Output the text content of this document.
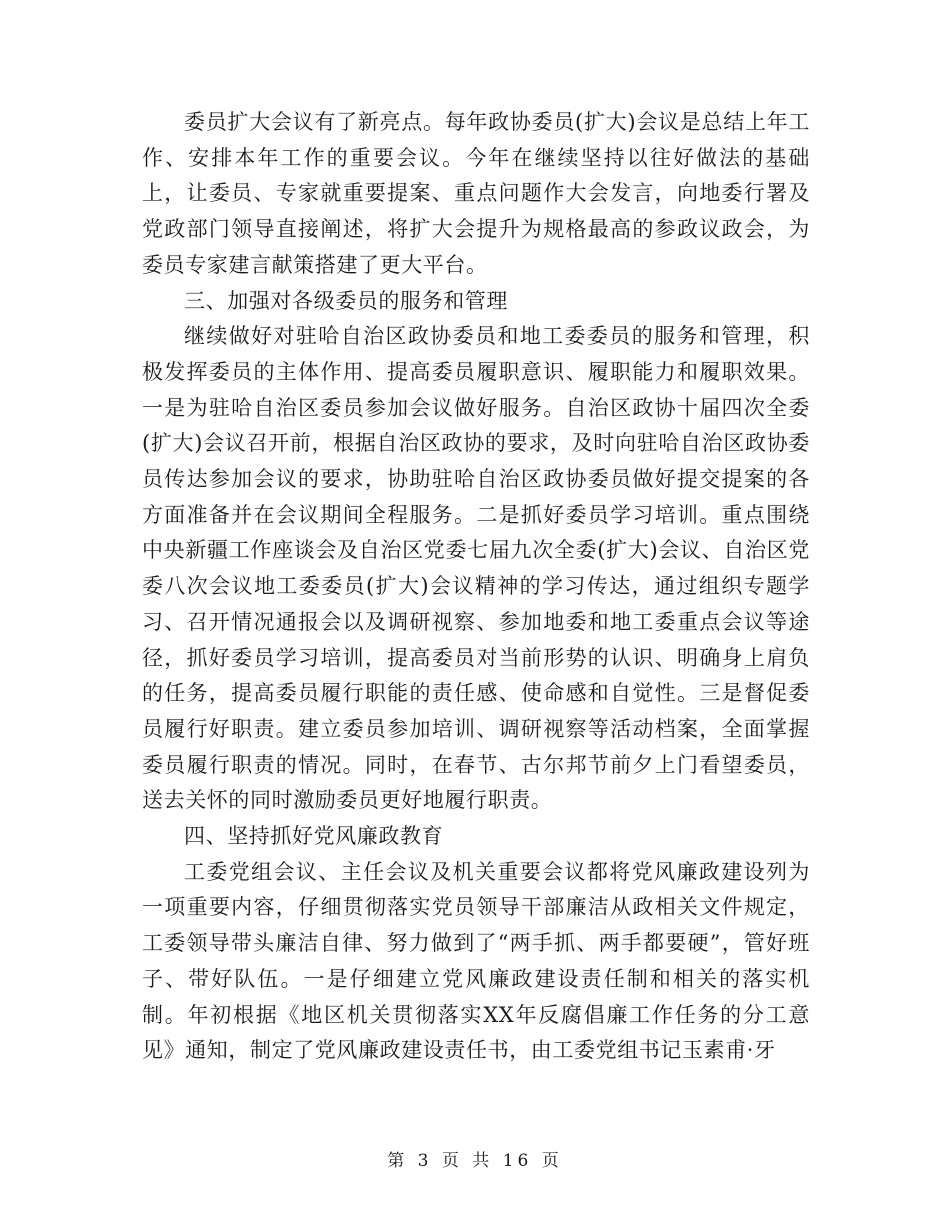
委员扩大会议有了新亮点。每年政协委员(扩大)会议是总结上年工作、安排本年工作的重要会议。今年在继续坚持以往好做法的基础上，让委员、专家就重要提案、重点问题作大会发言，向地委行署及党政部门领导直接阐述，将扩大会提升为规格最高的参政议政会，为委员专家建言献策搭建了更大平台。

三、加强对各级委员的服务和管理

继续做好对驻哈自治区政协委员和地工委委员的服务和管理，积极发挥委员的主体作用、提高委员履职意识、履职能力和履职效果。一是为驻哈自治区委员参加会议做好服务。自治区政协十届四次全委(扩大)会议召开前，根据自治区政协的要求，及时向驻哈自治区政协委员传达参加会议的要求，协助驻哈自治区政协委员做好提交提案的各方面准备并在会议期间全程服务。二是抓好委员学习培训。重点围绕中央新疆工作座谈会及自治区党委七届九次全委(扩大)会议、自治区党委八次会议地工委委员(扩大)会议精神的学习传达，通过组织专题学习、召开情况通报会以及调研视察、参加地委和地工委重点会议等途径，抓好委员学习培训，提高委员对当前形势的认识、明确身上肩负的任务，提高委员履行职能的责任感、使命感和自觉性。三是督促委员履行好职责。建立委员参加培训、调研视察等活动档案，全面掌握委员履行职责的情况。同时，在春节、古尔邦节前夕上门看望委员，送去关怀的同时激励委员更好地履行职责。

四、坚持抓好党风廉政教育

工委党组会议、主任会议及机关重要会议都将党风廉政建设列为一项重要内容，仔细贯彻落实党员领导干部廉洁从政相关文件规定，工委领导带头廉洁自律、努力做到了“两手抓、两手都要硬”，管好班子、带好队伍。一是仔细建立党风廉政建设责任制和相关的落实机制。年初根据《地区机关贯彻落实XX年反腐倡廉工作任务的分工意见》通知，制定了党风廉政建设责任书，由工委党组书记玉素甫·牙

第 3 页 共 16 页
